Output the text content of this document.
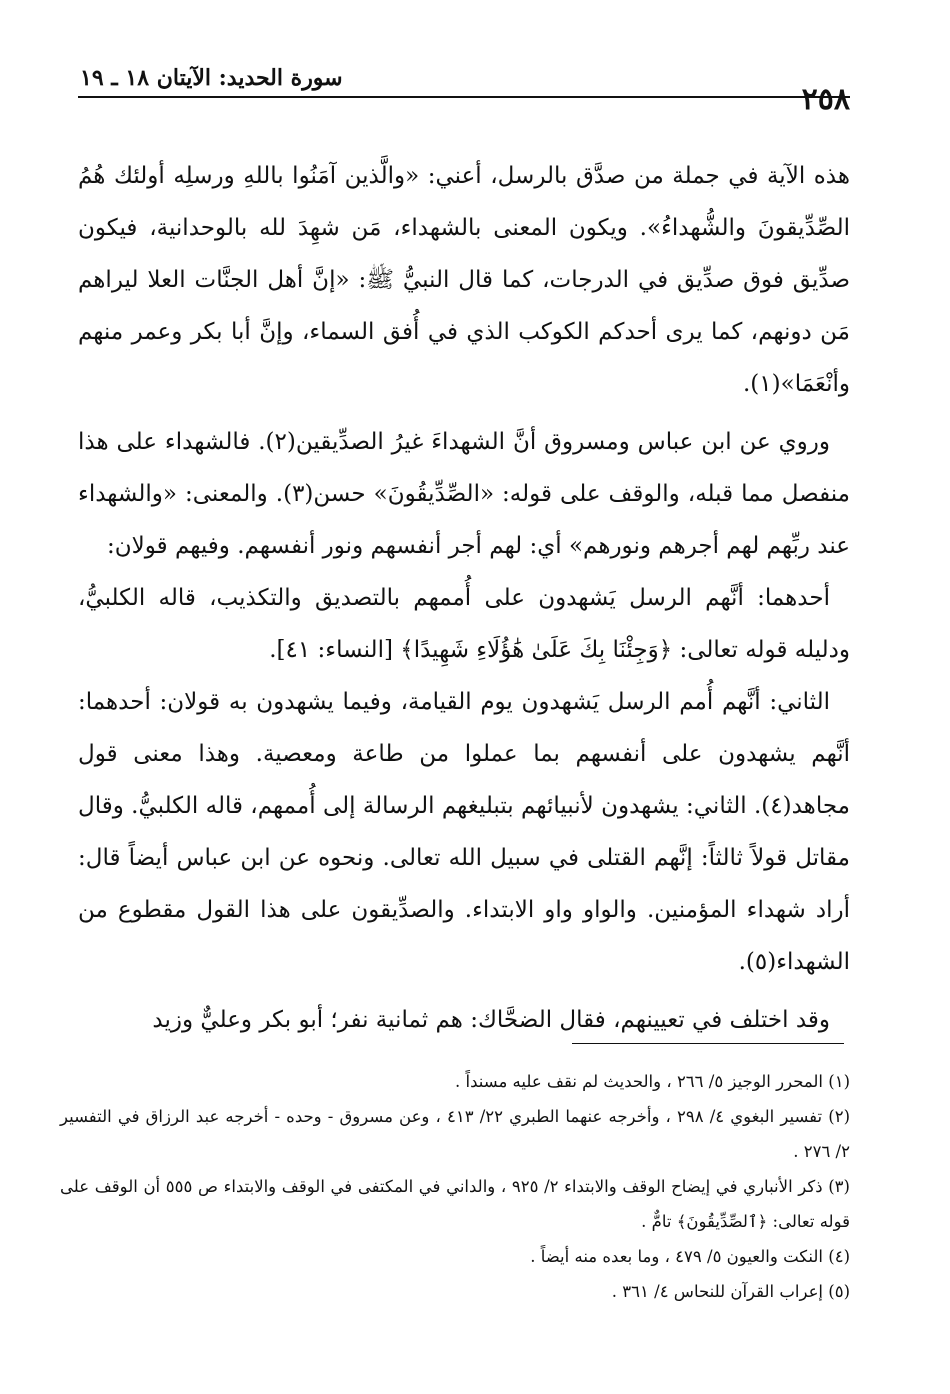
٢٥٨
سورة الحديد: الآيتان ١٨ ـ ١٩

هذه الآية في جملة من صدَّق بالرسل، أعني: «والَّذين آمَنُوا باللهِ ورسلِه أولئك هُمُ الصِّدِّيقونَ والشُّهداءُ». ويكون المعنى بالشهداء، مَن شهِدَ لله بالوحدانية، فيكون صدِّيق فوق صدِّيق في الدرجات، كما قال النبيُّ ﷺ: «إنَّ أهل الجنَّات العلا ليراهم مَن دونهم، كما يرى أحدكم الكوكب الذي في أُفق السماء، وإنَّ أبا بكر وعمر منهم وأنْعَمَا»(١).

وروي عن ابن عباس ومسروق أنَّ الشهداءَ غيرُ الصدِّيقين(٢). فالشهداء على هذا منفصل مما قبله، والوقف على قوله: «الصِّدِّيقُونَ» حسن(٣). والمعنى: «والشهداء عند ربِّهم لهم أجرهم ونورهم» أي: لهم أجر أنفسهم ونور أنفسهم. وفيهم قولان:

أحدهما: أنَّهم الرسل يَشهدون على أُممهم بالتصديق والتكذيب، قاله الكلبيُّ، ودليله قوله تعالى: ﴿وَجِئْنَا بِكَ عَلَىٰ هَٰؤُلَاءِ شَهِيدًا﴾ [النساء: ٤١].

الثاني: أنَّهم أُمم الرسل يَشهدون يوم القيامة، وفيما يشهدون به قولان: أحدهما: أنَّهم يشهدون على أنفسهم بما عملوا من طاعة ومعصية. وهذا معنى قول مجاهد(٤). الثاني: يشهدون لأنبيائهم بتبليغهم الرسالة إلى أُممهم، قاله الكلبيُّ. وقال مقاتل قولاً ثالثاً: إنَّهم القتلى في سبيل الله تعالى. ونحوه عن ابن عباس أيضاً قال: أراد شهداء المؤمنين. والواو واو الابتداء. والصدِّيقون على هذا القول مقطوع من الشهداء(٥).

وقد اختلف في تعيينهم، فقال الضحَّاك: هم ثمانية نفر؛ أبو بكر وعليٌّ وزيد

(١) المحرر الوجيز ٥/ ٢٦٦ ، والحديث لم نقف عليه مسنداً .

(٢) تفسير البغوي ٤/ ٢٩٨ ، وأخرجه عنهما الطبري ٢٢/ ٤١٣ ، وعن مسروق - وحده - أخرجه عبد الرزاق في التفسير ٢/ ٢٧٦ .

(٣) ذكر الأنباري في إيضاح الوقف والابتداء ٢/ ٩٢٥ ، والداني في المكتفى في الوقف والابتداء ص ٥٥٥ أن الوقف على قوله تعالى: ﴿ٱلصِّدِّيقُونَ﴾ تامٌّ .

(٤) النكت والعيون ٥/ ٤٧٩ ، وما بعده منه أيضاً .

(٥) إعراب القرآن للنحاس ٤/ ٣٦١ .
